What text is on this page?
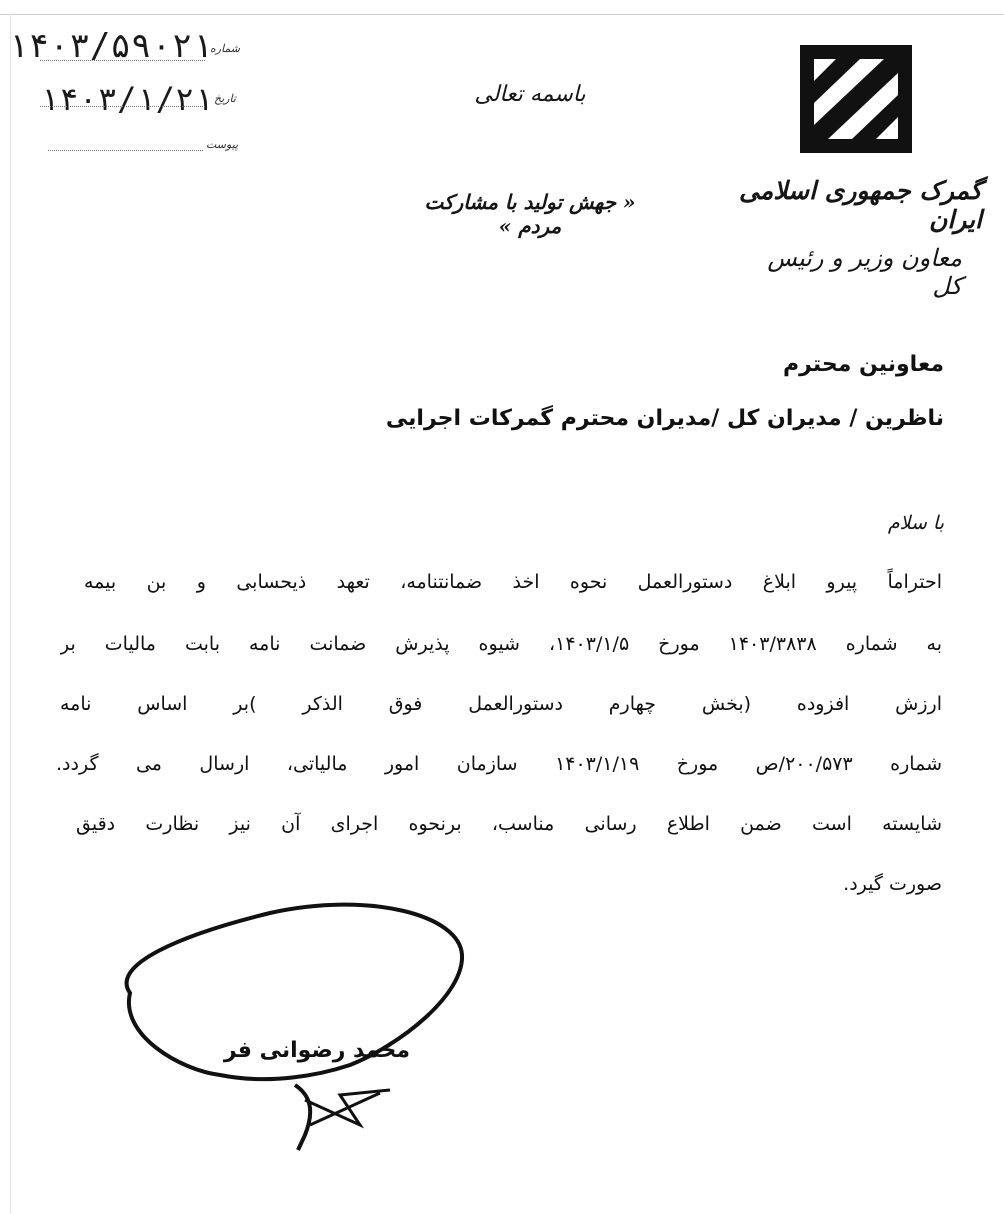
۱۴۰۳/۵۹۰۲۱
شماره
۱۴۰۳/۱/۲۱ تاریخ
پیوست
باسمه تعالی
« جهش تولید با مشارکت مردم »
گمرک جمهوری اسلامی ایران
معاون وزیر و رئیس کل
معاونین محترم
ناظرین / مدیران کل /مدیران محترم گمرکات اجرایی
با سلام
احتراماً پیرو ابلاغ دستورالعمل نحوه اخذ ضمانتنامه، تعهد ذیحسابی و بن بیمه
به شماره ۱۴۰۳/۳۸۳۸ مورخ ۱۴۰۳/۱/۵، شیوه پذیرش ضمانت نامه بابت مالیات بر
ارزش افزوده (بخش چهارم دستورالعمل فوق الذکر )بر اساس نامه
شماره ۲۰۰/۵۷۳/ص مورخ ۱۴۰۳/۱/۱۹ سازمان امور مالیاتی، ارسال می گردد.
شایسته است ضمن اطلاع رسانی مناسب، برنحوه اجرای آن نیز نظارت دقیق
صورت گیرد.
محمد رضوانی فر
